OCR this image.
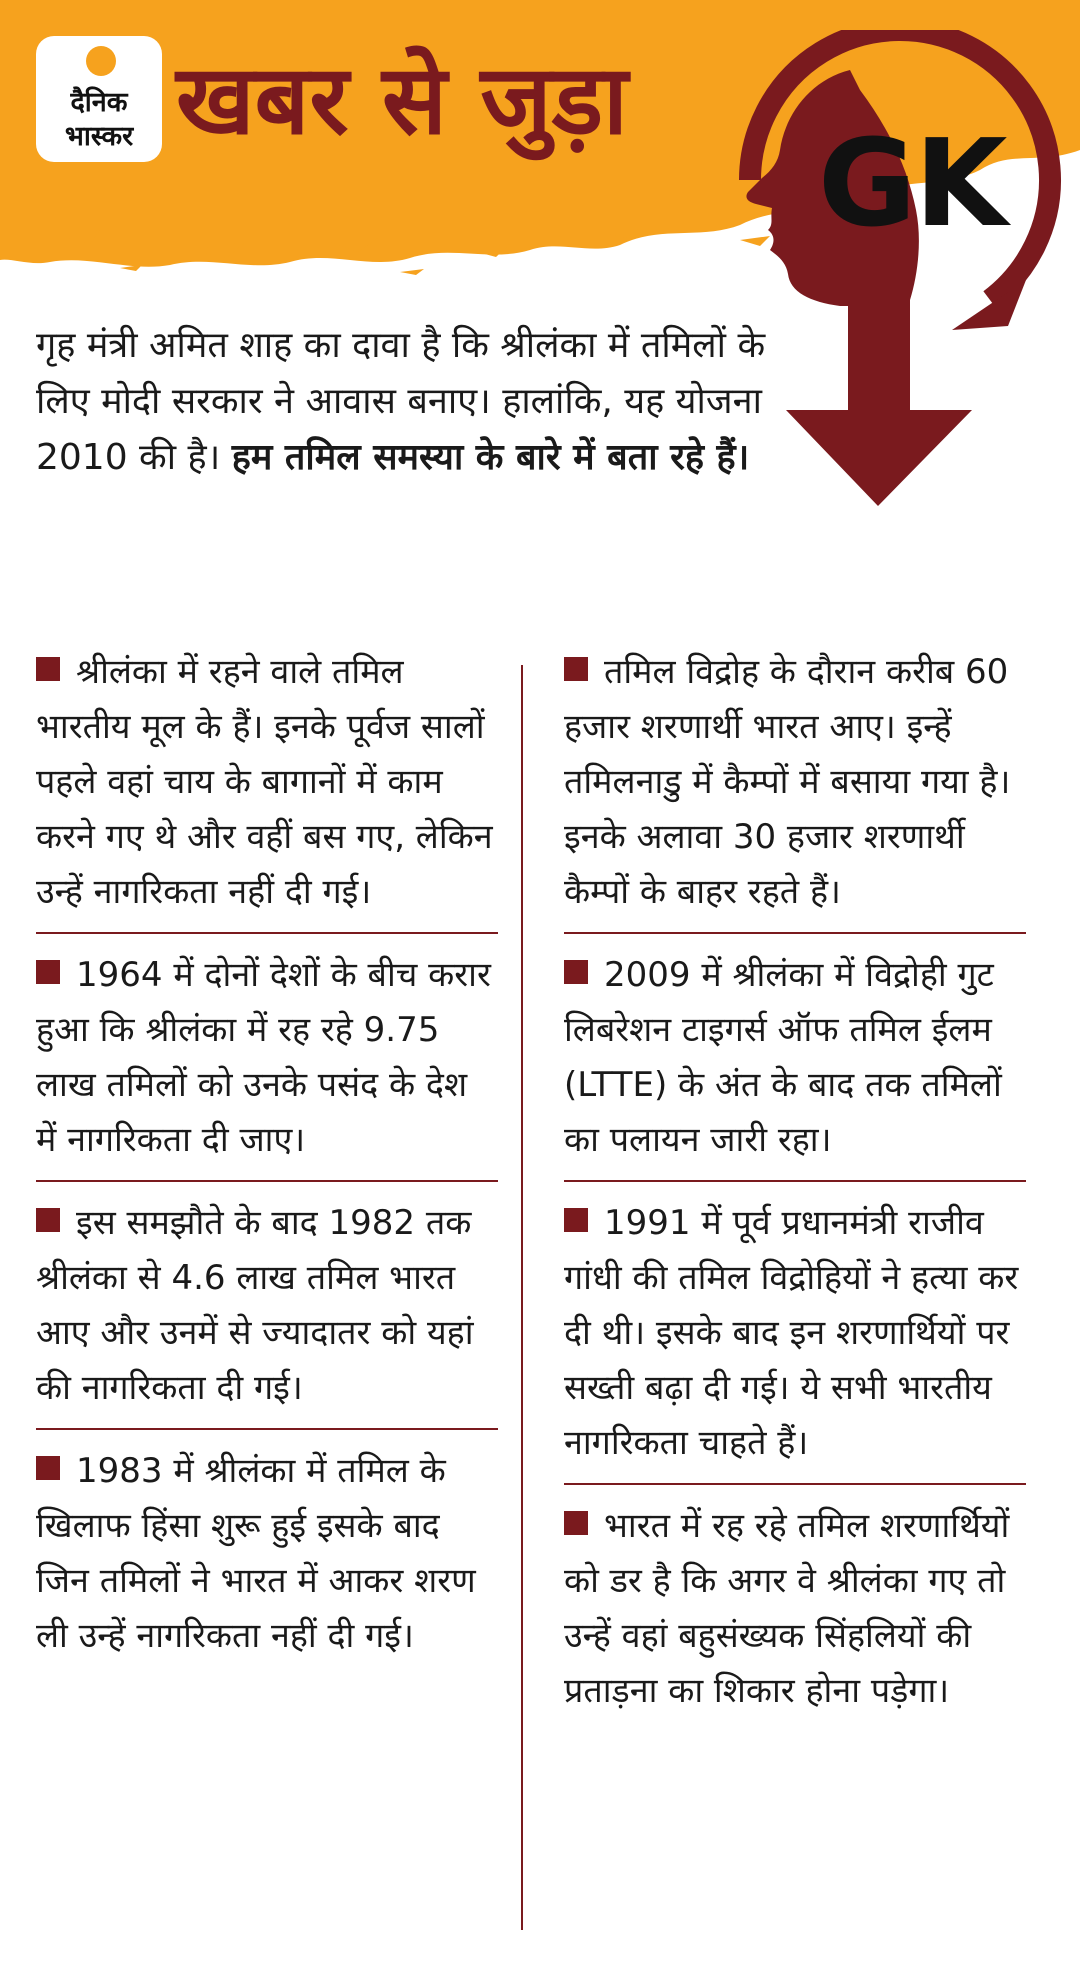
दैनिक
भास्कर खबर से जुड़ा
GK
गृह मंत्री अमित शाह का दावा है कि श्रीलंका में तमिलों के लिए मोदी सरकार ने आवास बनाए। हालांकि, यह योजना 2010 की है। हम तमिल समस्या के बारे में बता रहे हैं।
श्रीलंका में रहने वाले तमिल भारतीय मूल के हैं। इनके पूर्वज सालों पहले वहां चाय के बागानों में काम करने गए थे और वहीं बस गए, लेकिन उन्हें नागरिकता नहीं दी गई।
1964 में दोनों देशों के बीच करार हुआ कि श्रीलंका में रह रहे 9.75 लाख तमिलों को उनके पसंद के देश में नागरिकता दी जाए।
इस समझौते के बाद 1982 तक श्रीलंका से 4.6 लाख तमिल भारत आए और उनमें से ज्यादातर को यहां की नागरिकता दी गई।
1983 में श्रीलंका में तमिल के खिलाफ हिंसा शुरू हुई इसके बाद जिन तमिलों ने भारत में आकर शरण ली उन्हें नागरिकता नहीं दी गई।
तमिल विद्रोह के दौरान करीब 60 हजार शरणार्थी भारत आए। इन्हें तमिलनाडु में कैम्पों में बसाया गया है। इनके अलावा 30 हजार शरणार्थी कैम्पों के बाहर रहते हैं।
2009 में श्रीलंका में विद्रोही गुट लिबरेशन टाइगर्स ऑफ तमिल ईलम (LTTE) के अंत के बाद तक तमिलों का पलायन जारी रहा।
1991 में पूर्व प्रधानमंत्री राजीव गांधी की तमिल विद्रोहियों ने हत्या कर दी थी। इसके बाद इन शरणार्थियों पर सख्ती बढ़ा दी गई। ये सभी भारतीय नागरिकता चाहते हैं।
भारत में रह रहे तमिल शरणार्थियों को डर है कि अगर वे श्रीलंका गए तो उन्हें वहां बहुसंख्यक सिंहलियों की प्रताड़ना का शिकार होना पड़ेगा।
